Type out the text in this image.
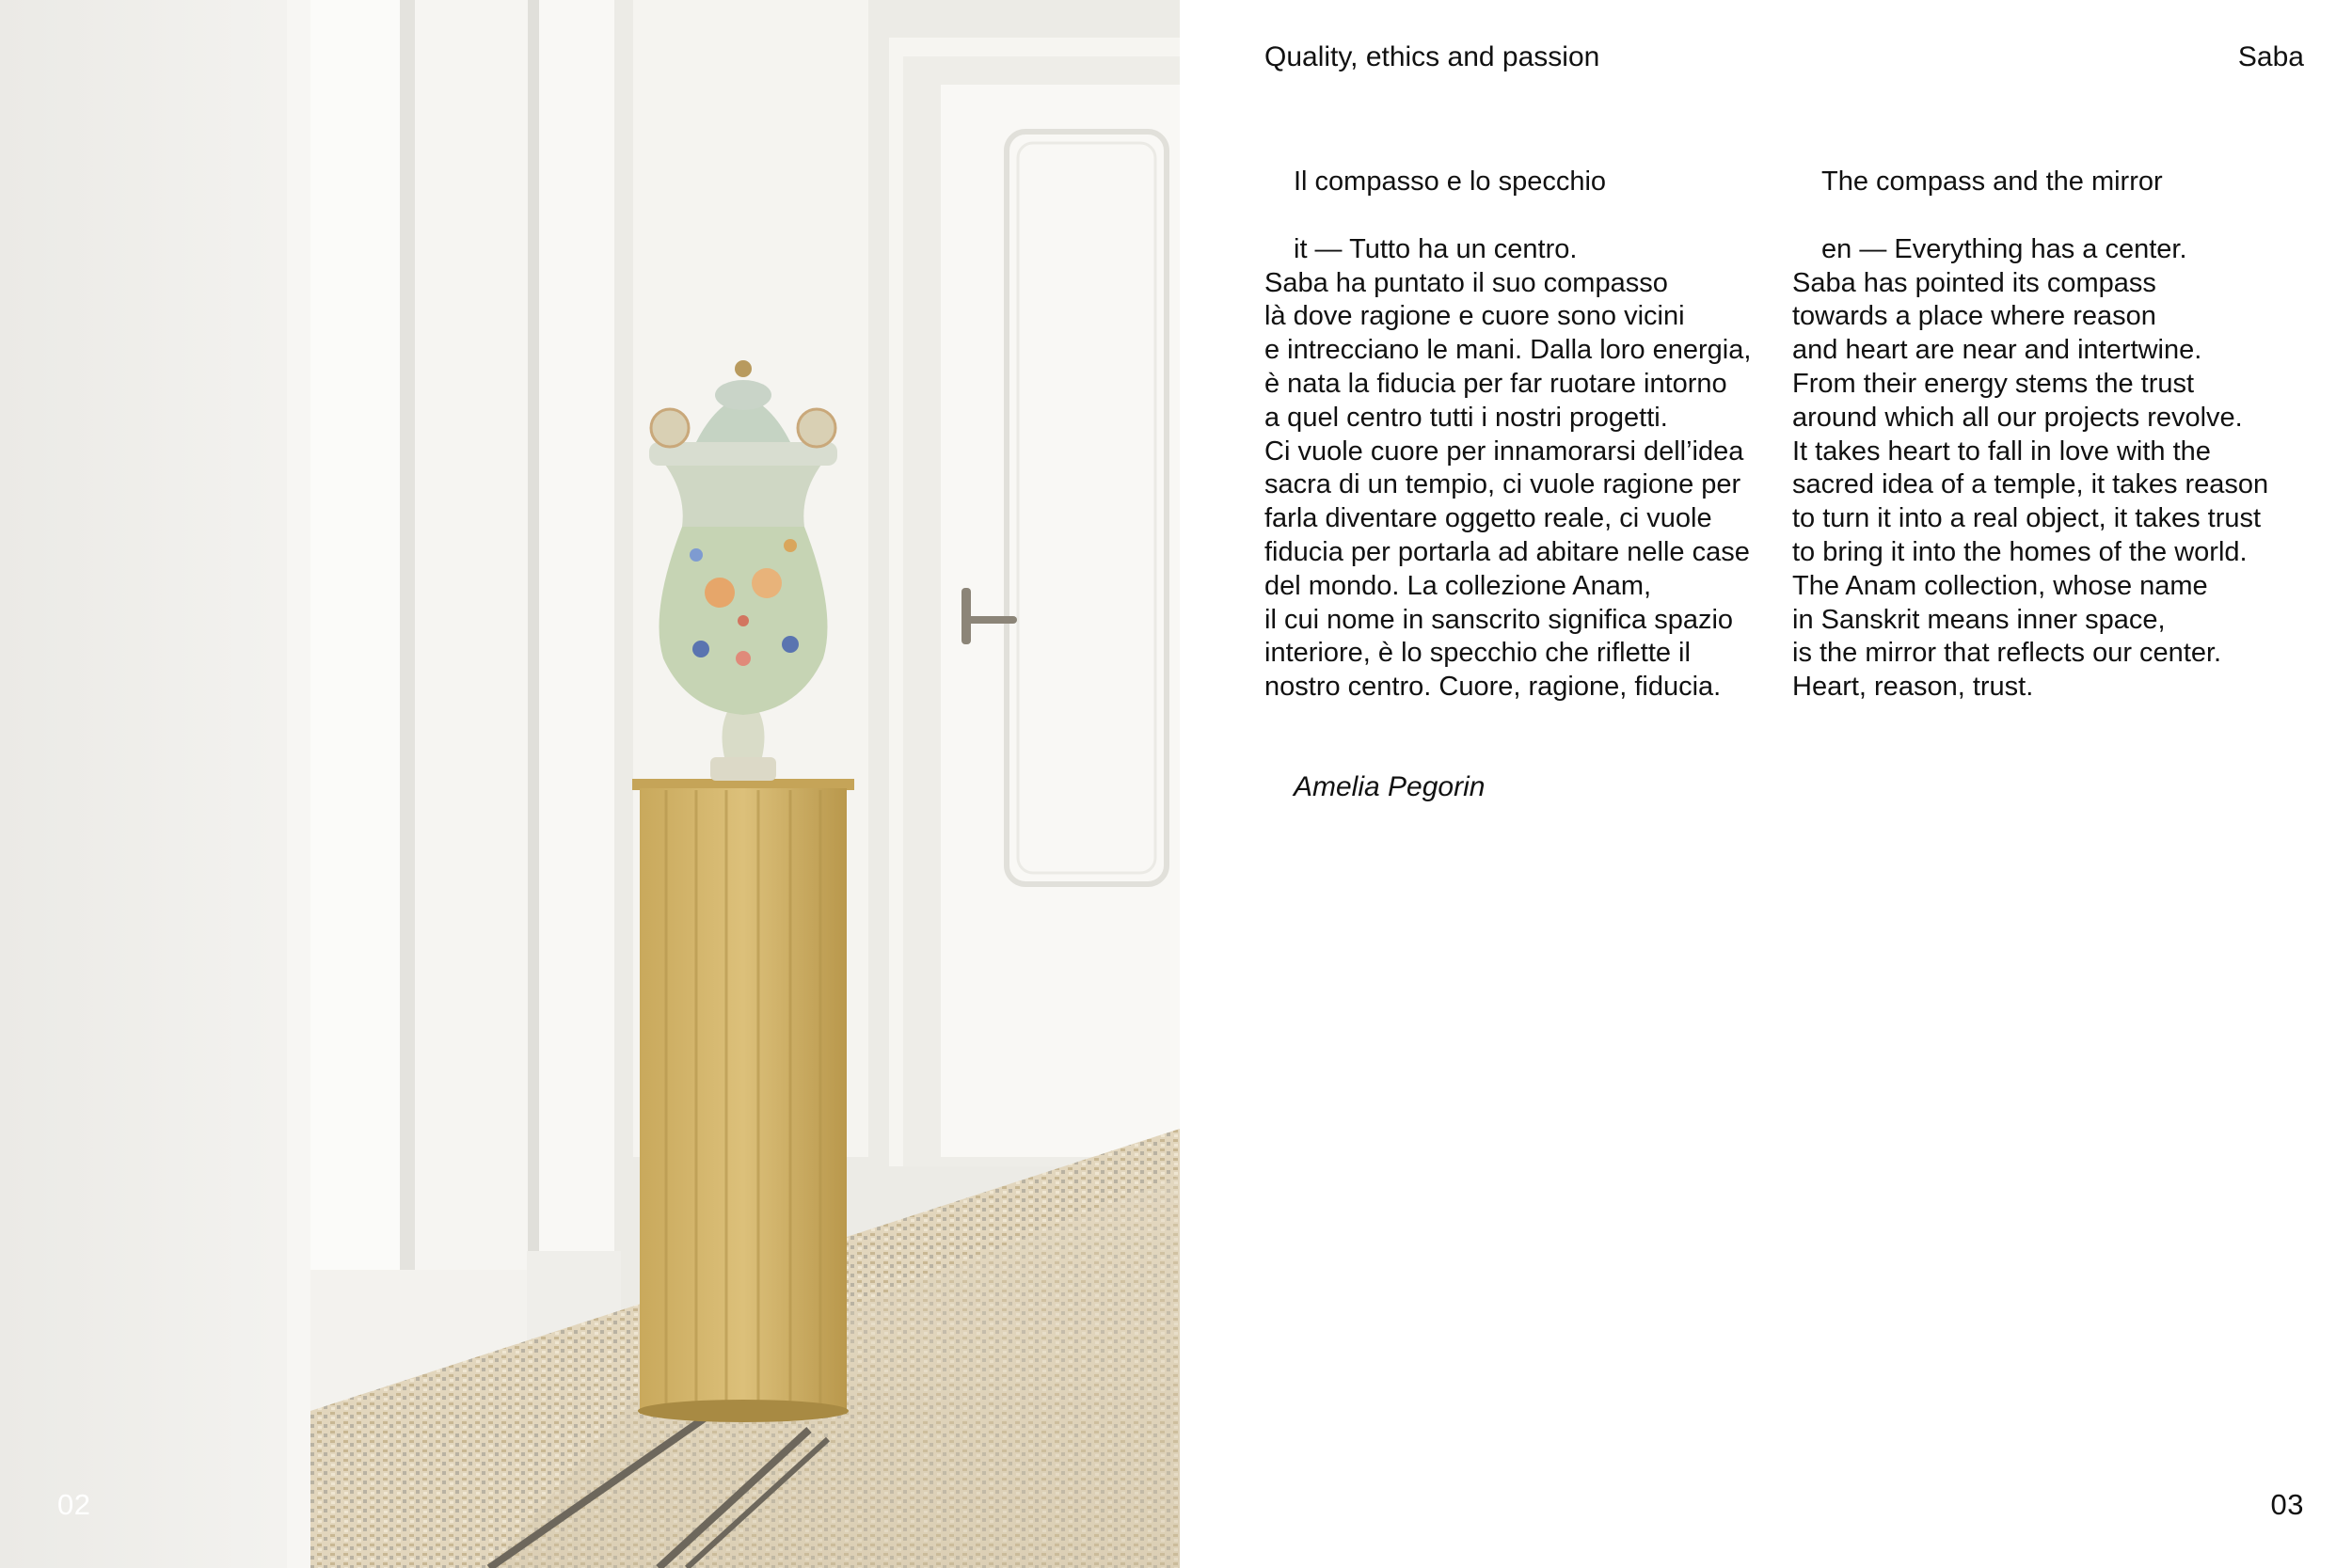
02
Quality, ethics and passion	Saba
Il compasso e lo specchio
it — Tutto ha un centro.
Saba ha puntato il suo compasso
là dove ragione e cuore sono vicini
e intrecciano le mani. Dalla loro energia,
è nata la fiducia per far ruotare intorno
a quel centro tutti i nostri progetti.
Ci vuole cuore per innamorarsi dell’idea
sacra di un tempio, ci vuole ragione per
farla diventare oggetto reale, ci vuole
fiducia per portarla ad abitare nelle case
del mondo. La collezione Anam,
il cui nome in sanscrito significa spazio
interiore, è lo specchio che riflette il
nostro centro. Cuore, ragione, fiducia.
The compass and the mirror
en — Everything has a center.
Saba has pointed its compass
towards a place where reason
and heart are near and intertwine.
From their energy stems the trust
around which all our projects revolve.
It takes heart to fall in love with the
sacred idea of a temple, it takes reason
to turn it into a real object, it takes trust
to bring it into the homes of the world.
The Anam collection, whose name
in Sanskrit means inner space,
is the mirror that reflects our center.
Heart, reason, trust.
Amelia Pegorin
03
